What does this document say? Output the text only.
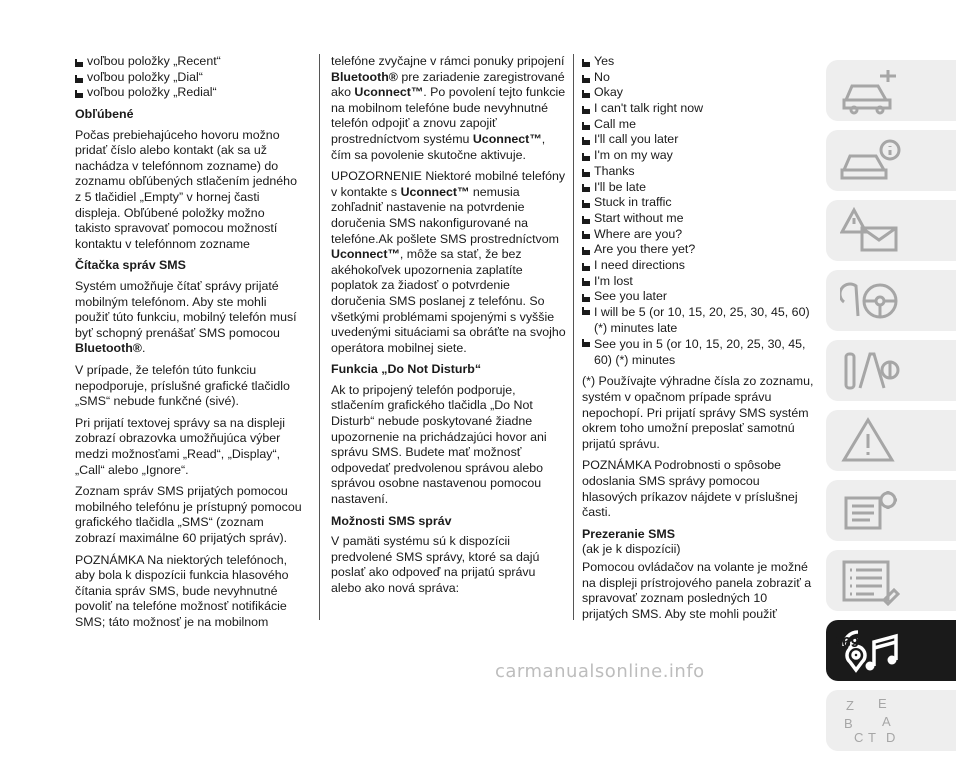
voľbou položky „Recent“
voľbou položky „Dial“
voľbou položky „Redial“

Obľúbené

Počas prebiehajúceho hovoru možno pridať číslo alebo kontakt (ak sa už nachádza v telefónnom zozname) do zoznamu obľúbených stlačením jedného z 5 tlačidiel „Empty” v hornej časti displeja. Obľúbené položky možno takisto spravovať pomocou možností kontaktu v telefónnom zozname

Čítačka správ SMS

Systém umožňuje čítať správy prijaté mobilným telefónom. Aby ste mohli použiť túto funkciu, mobilný telefón musí byť schopný prenášať SMS pomocou Bluetooth®.

V prípade, že telefón túto funkciu nepodporuje, príslušné grafické tlačidlo „SMS“ nebude funkčné (sivé).

Pri prijatí textovej správy sa na displeji zobrazí obrazovka umožňujúca výber medzi možnosťami „Read“, „Display“, „Call“ alebo „Ignore“.

Zoznam správ SMS prijatých pomocou mobilného telefónu je prístupný pomocou grafického tlačidla „SMS“ (zoznam zobrazí maximálne 60 prijatých správ).

POZNÁMKA Na niektorých telefónoch, aby bola k dispozícii funkcia hlasového čítania správ SMS, bude nevyhnutné povoliť na telefóne možnosť notifikácie SMS; táto možnosť je na mobilnom

telefóne zvyčajne v rámci ponuky pripojení Bluetooth® pre zariadenie zaregistrované ako Uconnect™. Po povolení tejto funkcie na mobilnom telefóne bude nevyhnutné telefón odpojiť a znovu zapojiť prostredníctvom systému Uconnect™, čím sa povolenie skutočne aktivuje.

UPOZORNENIE Niektoré mobilné telefóny v kontakte s Uconnect™ nemusia zohľadniť nastavenie na potvrdenie doručenia SMS nakonfigurované na telefóne.Ak pošlete SMS prostredníctvom Uconnect™, môže sa stať, že bez akéhokoľvek upozornenia zaplatíte poplatok za žiadosť o potvrdenie doručenia SMS poslanej z telefónu. So všetkými problémami spojenými s vyššie uvedenými situáciami sa obráťte na svojho operátora mobilnej siete.

Funkcia „Do Not Disturb“

Ak to pripojený telefón podporuje, stlačením grafického tlačidla „Do Not Disturb“ nebude poskytované žiadne upozornenie na prichádzajúci hovor ani správu SMS. Budete mať možnosť odpovedať predvolenou správou alebo správou osobne nastavenou pomocou nastavení.

Možnosti SMS správ

V pamäti systému sú k dispozícii predvolené SMS správy, ktoré sa dajú poslať ako odpoveď na prijatú správu alebo ako nová správa:

Yes
No
Okay
I can't talk right now
Call me
I'll call you later
I'm on my way
Thanks
I'll be late
Stuck in traffic
Start without me
Where are you?
Are you there yet?
I need directions
I'm lost
See you later
I will be 5 (or 10, 15, 20, 25, 30, 45, 60) (*) minutes late
See you in 5 (or 10, 15, 20, 25, 30, 45, 60) (*) minutes

(*) Používajte výhradne čísla zo zoznamu, systém v opačnom prípade správu nepochopí. Pri prijatí správy SMS systém okrem toho umožní preposlať samotnú prijatú správu.

POZNÁMKA Podrobnosti o spôsobe odoslania SMS správy pomocou hlasových príkazov nájdete v príslušnej časti.

Prezeranie SMS

(ak je k dispozícii)

Pomocou ovládačov na volante je možné na displeji prístrojového panela zobraziť a spravovať zoznam posledných 10 prijatých SMS. Aby ste mohli použiť

Z E
B A
C T D
269
carmanualsonline.info
